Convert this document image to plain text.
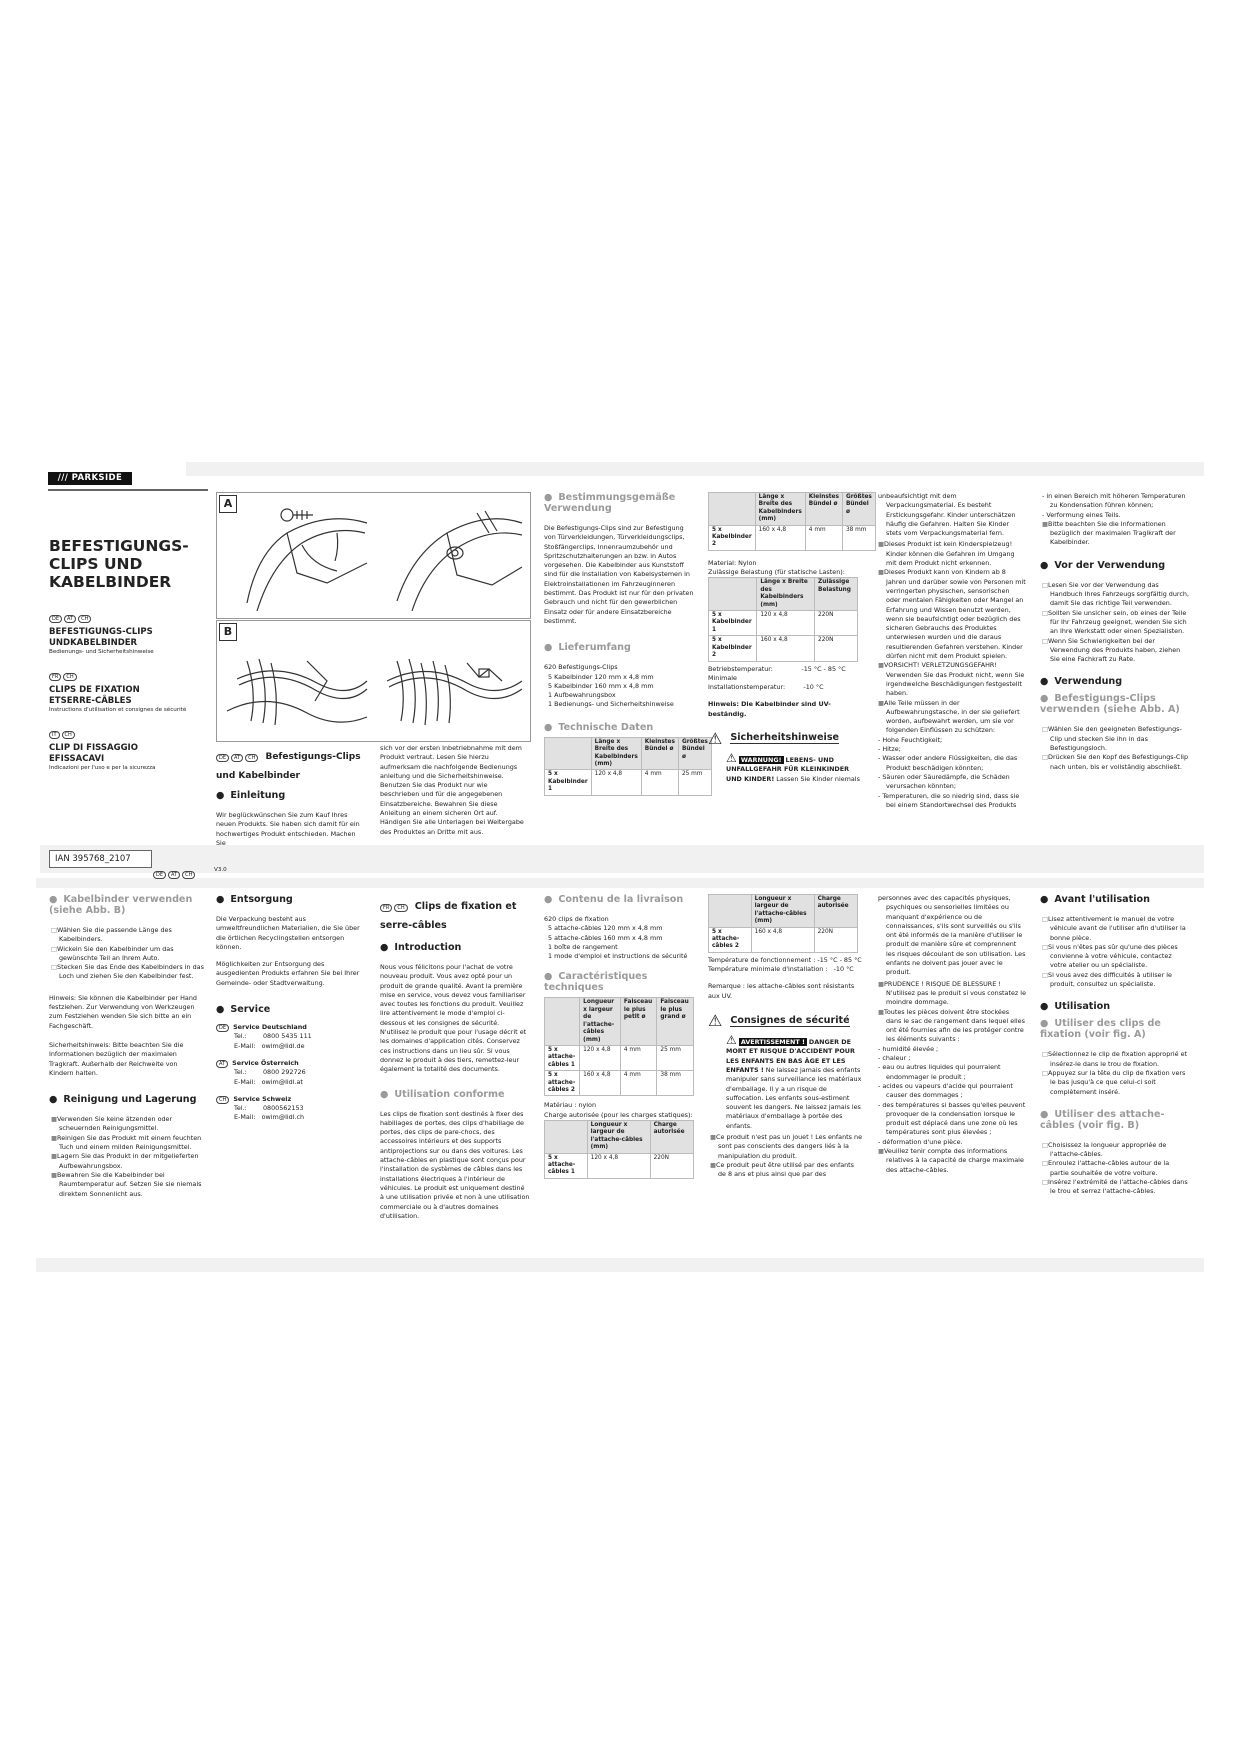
/// PARKSIDE
BEFESTIGUNGS-
CLIPS UND
KABELBINDER
DE AT CH
BEFESTIGUNGS-CLIPS
UNDKABELBINDER
Bedienungs- und Sicherheitshinweise
FR CH
CLIPS DE FIXATION
ETSERRE-CÂBLES
Instructions d'utilisation et consignes de sécurité
IT CH
CLIP DI FISSAGGIO
EFISSACAVI
Indicazioni per l'uso e per la sicurezza
IAN 395768_2107
DE AT CH
V3.0
A
B
DE AT CH Befestigungs-Clips und Kabelbinder
● Einleitung
Wir beglückwünschen Sie zum Kauf Ihres neuen Produkts. Sie haben sich damit für ein hochwertiges Produkt entschieden. Machen Sie
sich vor der ersten Inbetriebnahme mit dem Produkt vertraut. Lesen Sie hierzu aufmerksam die nachfolgende Bedienungs anleitung und die Sicherheitshinweise. Benutzen Sie das Produkt nur wie beschrieben und für die angegebenen Einsatzbereiche. Bewahren Sie diese Anleitung an einem sicheren Ort auf. Händigen Sie alle Unterlagen bei Weitergabe des Produktes an Dritte mit aus.
● Bestimmungsgemäße Verwendung
Die Befestigungs-Clips sind zur Befestigung von Türverkleidungen, Türverkleidungsclips, Stoßfängerclips, Innenraumzubehör und Spritzschutzhalterungen an bzw. in Autos vorgesehen. Die Kabelbinder aus Kunststoff sind für die Installation von Kabelsystemen in Elektroinstallationen im Fahrzeuginneren bestimmt. Das Produkt ist nur für den privaten Gebrauch und nicht für den gewerblichen Einsatz oder für andere Einsatzbereiche bestimmt.
● Lieferumfang
620 Befestigungs-Clips
5 Kabelbinder 120 mm x 4,8 mm
5 Kabelbinder 160 mm x 4,8 mm
1 Aufbewahrungsbox
1 Bedienungs- und Sicherheitshinweise
● Technische Daten
	Länge x Breite des Kabelbinders (mm)	Kleinstes Bündel ø	Größtes Bündel ø
5 x Kabelbinder 1	120 x 4,8	4 mm	25 mm
	Länge x Breite des Kabelbinders (mm)	Kleinstes Bündel ø	Größtes Bündel ø
5 x Kabelbinder 2	160 x 4,8	4 mm	38 mm
Material: Nylon
Zulässige Belastung (für statische Lasten):
	Länge x Breite des Kabelbinders (mm)	Zulässige Belastung
5 x Kabelbinder 1	120 x 4,8	220N
5 x Kabelbinder 2	160 x 4,8	220N
Betriebstemperatur:              -15 °C - 85 °C
Minimale
Installationstemperatur:         -10 °C
Hinweis: Die Kabelbinder sind UV-beständig.
⚠ Sicherheitshinweise
⚠ WARNUNG! LEBENS- UND UNFALLGEFAHR FÜR KLEINKINDER UND KINDER! Lassen Sie Kinder niemals
unbeaufsichtigt mit dem Verpackungsmaterial. Es besteht Erstickungsgefahr. Kinder unterschätzen häufig die Gefahren. Halten Sie Kinder stets vom Verpackungsmaterial fern.
■ Dieses Produkt ist kein Kinderspielzeug! Kinder können die Gefahren im Umgang mit dem Produkt nicht erkennen.
■ Dieses Produkt kann von Kindern ab 8 Jahren und darüber sowie von Personen mit verringerten physischen, sensorischen oder mentalen Fähigkeiten oder Mangel an Erfahrung und Wissen benutzt werden, wenn sie beaufsichtigt oder bezüglich des sicheren Gebrauchs des Produktes unterwiesen wurden und die daraus resultierenden Gefahren verstehen. Kinder dürfen nicht mit dem Produkt spielen.
■ VORSICHT! VERLETZUNGSGEFAHR! Verwenden Sie das Produkt nicht, wenn Sie irgendwelche Beschädigungen festgestellt haben.
■ Alle Teile müssen in der Aufbewahrungstasche, in der sie geliefert worden, aufbewahrt werden, um sie vor folgenden Einflüssen zu schützen:
- Hohe Feuchtigkeit;
- Hitze;
- Wasser oder andere Flüssigkeiten, die das Produkt beschädigen könnten;
- Säuren oder Säuredämpfe, die Schäden verursachen könnten;
- Temperaturen, die so niedrig sind, dass sie bei einem Standortwechsel des Produkts
- in einen Bereich mit höheren Temperaturen zu Kondensation führen können;
- Verformung eines Teils.
■ Bitte beachten Sie die Informationen bezüglich der maximalen Traglkraft der Kabelbinder.
● Vor der Verwendung
□ Lesen Sie vor der Verwendung das Handbuch Ihres Fahrzeugs sorgfältig durch, damit Sie das richtige Teil verwenden.
□ Sollten Sie unsicher sein, ob eines der Teile für Ihr Fahrzeug geeignet, wenden Sie sich an Ihre Werkstatt oder einen Spezialisten.
□ Wenn Sie Schwierigkeiten bei der Verwendung des Produkts haben, ziehen Sie eine Fachkraft zu Rate.
● Verwendung
● Befestigungs-Clips verwenden (siehe Abb. A)
□ Wählen Sie den geeigneten Befestigungs-Clip und stecken Sie ihn in das Befestigungsloch.
□ Drücken Sie den Kopf des Befestigungs-Clip nach unten, bis er vollständig abschließt.
● Kabelbinder verwenden (siehe Abb. B)
□ Wählen Sie die passende Länge des Kabelbinders.
□ Wickeln Sie den Kabelbinder um das gewünschte Teil an Ihrem Auto.
□ Stecken Sie das Ende des Kabelbinders in das Loch und ziehen Sie den Kabelbinder fest.
Hinweis: Sie können die Kabelbinder per Hand festziehen. Zur Verwendung von Werkzeugen zum Festziehen wenden Sie sich bitte an ein Fachgeschäft.
Sicherheitshinweis: Bitte beachten Sie die Informationen bezüglich der maximalen Tragkraft. Außerhalb der Reichweite von Kindern halten.
● Reinigung und Lagerung
■ Verwenden Sie keine ätzenden oder scheuernden Reinigungsmittel.
■ Reinigen Sie das Produkt mit einem feuchten Tuch und einem milden Reinigungsmittel.
■ Lagern Sie das Produkt in der mitgelieferten Aufbewahrungsbox.
■ Bewahren Sie die Kabelbinder bei Raumtemperatur auf. Setzen Sie sie niemals direktem Sonnenlicht aus.
● Entsorgung
Die Verpackung besteht aus umweltfreundlichen Materialien, die Sie über die örtlichen Recyclingstellen entsorgen können.
Möglichkeiten zur Entsorgung des ausgedienten Produkts erfahren Sie bei Ihrer Gemeinde- oder Stadtverwaltung.
● Service
DE Service Deutschland
Tel.:        0800 5435 111
E-Mail:   owim@lidl.de
AT Service Österreich
Tel.:        0800 292726
E-Mail:   owim@lidl.at
CH Service Schweiz
Tel.:        0800562153
E-Mail:   owim@lidl.ch
FR CH Clips de fixation et serre-câbles
● Introduction
Nous vous félicitons pour l'achat de votre nouveau produit. Vous avez opté pour un produit de grande qualité. Avant la première mise en service, vous devez vous familiariser avec toutes les fonctions du produit. Veuillez lire attentivement le mode d'emploi ci-dessous et les consignes de sécurité. N'utilisez le produit que pour l'usage décrit et les domaines d'application cités. Conservez ces instructions dans un lieu sûr. Si vous donnez le produit à des tiers, remettez-leur également la totalité des documents.
● Utilisation conforme
Les clips de fixation sont destinés à fixer des habillages de portes, des clips d'habillage de portes, des clips de pare-chocs, des accessoires intérieurs et des supports antiprojections sur ou dans des voitures. Les attache-câbles en plastique sont conçus pour l'installation de systèmes de câbles dans les installations électriques à l'intérieur de véhicules. Le produit est uniquement destiné à une utilisation privée et non à une utilisation commerciale ou à d'autres domaines d'utilisation.
● Contenu de la livraison
620 clips de fixation
5 attache-câbles 120 mm x 4,8 mm
5 attache-câbles 160 mm x 4,8 mm
1 boîte de rangement
1 mode d'emploi et instructions de sécurité
● Caractéristiques techniques
	Longueur x largeur de l'attache-câbles (mm)	Faisceau le plus petit ø	Faisceau le plus grand ø
5 x attache-câbles 1	120 x 4,8	4 mm	25 mm
5 x attache-câbles 2	160 x 4,8	4 mm	38 mm
Matériau : nylon
Charge autorisée (pour les charges statiques):
	Longueur x largeur de l'attache-câbles (mm)	Charge autorisée
5 x attache-câbles 1	120 x 4,8	220N
	Longueur x largeur de l'attache-câbles (mm)	Charge autorisée
5 x attache-câbles 2	160 x 4,8	220N
Température de fonctionnement : -15 °C - 85 °C
Température minimale d'installation :   -10 °C
Remarque : les attache-câbles sont résistants aux UV.
⚠ Consignes de sécurité
⚠ AVERTISSEMENT ! DANGER DE MORT ET RISQUE D'ACCIDENT POUR LES ENFANTS EN BAS ÂGE ET LES ENFANTS ! Ne laissez jamais des enfants manipuler sans surveillance les matériaux d'emballage. Il y a un risque de suffocation. Les enfants sous-estiment souvent les dangers. Ne laissez jamais les matériaux d'emballage à portée des enfants.
■ Ce produit n'est pas un jouet ! Les enfants ne sont pas conscients des dangers liés à la manipulation du produit.
■ Ce produit peut être utilisé par des enfants de 8 ans et plus ainsi que par des
personnes avec des capacités physiques, psychiques ou sensorielles limitées ou manquant d'expérience ou de connaissances, s'ils sont surveillés ou s'ils ont été informés de la manière d'utiliser le produit de manière sûre et comprennent les risques découlant de son utilisation. Les enfants ne doivent pas jouer avec le produit.
■ PRUDENCE ! RISQUE DE BLESSURE ! N'utilisez pas le produit si vous constatez le moindre dommage.
■ Toutes les pièces doivent être stockées dans le sac de rangement dans lequel elles ont été fournies afin de les protéger contre les éléments suivants :
- humidité élevée ;
- chaleur ;
- eau ou autres liquides qui pourraient endommager le produit ;
- acides ou vapeurs d'acide qui pourraient causer des dommages ;
- des températures si basses qu'elles peuvent provoquer de la condensation lorsque le produit est déplacé dans une zone où les températures sont plus élevées ;
- déformation d'une pièce.
■ Veuillez tenir compte des informations relatives à la capacité de charge maximale des attache-câbles.
● Avant l'utilisation
□ Lisez attentivement le manuel de votre véhicule avant de l'utiliser afin d'utiliser la bonne pièce.
□ Si vous n'êtes pas sûr qu'une des pièces convienne à votre véhicule, contactez votre atelier ou un spécialiste.
□ Si vous avez des difficultés à utiliser le produit, consultez un spécialiste.
● Utilisation
● Utiliser des clips de fixation (voir fig. A)
□ Sélectionnez le clip de fixation approprié et insérez-le dans le trou de fixation.
□ Appuyez sur la tête du clip de fixation vers le bas jusqu'à ce que celui-ci soit complètement inséré.
● Utiliser des attache-câbles (voir fig. B)
□ Choisissez la longueur appropriée de l'attache-câbles.
□ Enroulez l'attache-câbles autour de la partie souhaitée de votre voiture.
□ Insérez l'extrémité de l'attache-câbles dans le trou et serrez l'attache-câbles.
